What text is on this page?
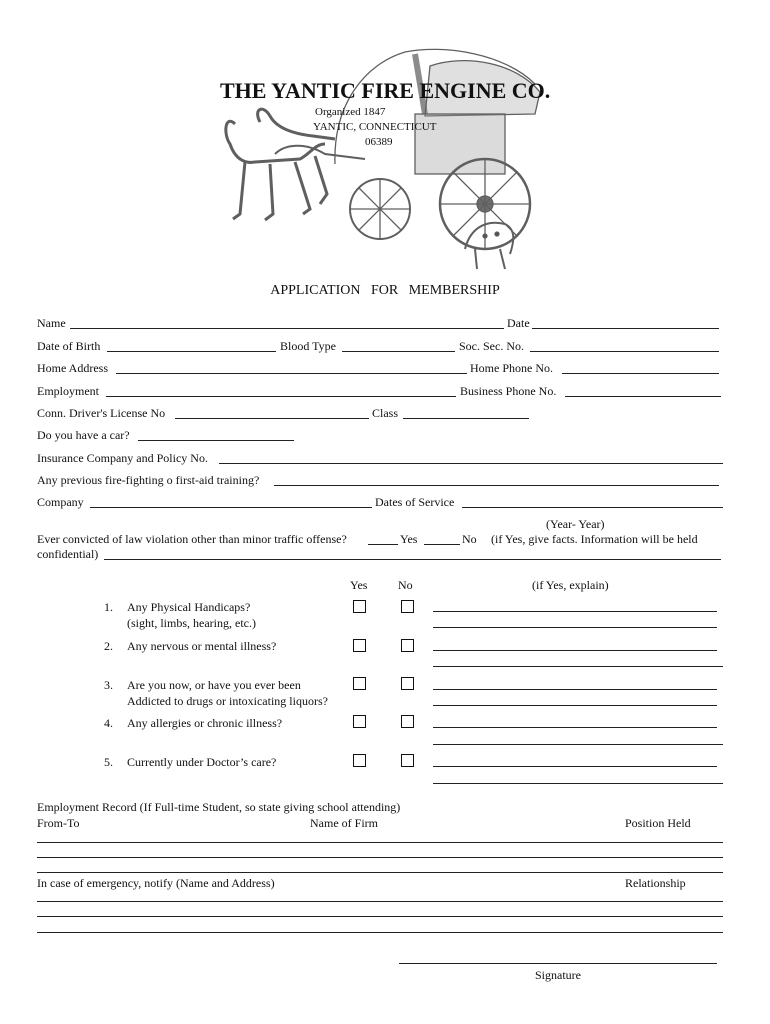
THE YANTIC FIRE ENGINE CO.
Organized 1847
YANTIC, CONNECTICUT
06389
APPLICATION   FOR   MEMBERSHIP
Name	Date
Date of Birth	Blood Type	Soc. Sec. No.
Home Address	Home Phone No.
Employment	Business Phone No.
Conn. Driver's License No	Class
Do you have a car?
Insurance Company and Policy No.
Any previous fire-fighting o first-aid training?
Company	Dates of Service
(Year- Year)
Ever convicted of law violation other than minor traffic offense?	Yes	No (if Yes, give facts. Information will be held
confidential)
Yes	No	(if Yes, explain)
1. Any Physical Handicaps?
(sight, limbs, hearing, etc.)
2. Any nervous or mental illness?
3. Are you now, or have you ever been
Addicted to drugs or intoxicating liquors?
4. Any allergies or chronic illness?
5. Currently under Doctor’s care?
Employment Record (If Full-time Student, so state giving school attending)
From-To	Name of Firm	Position Held
In case of emergency, notify (Name and Address)	Relationship
Signature
